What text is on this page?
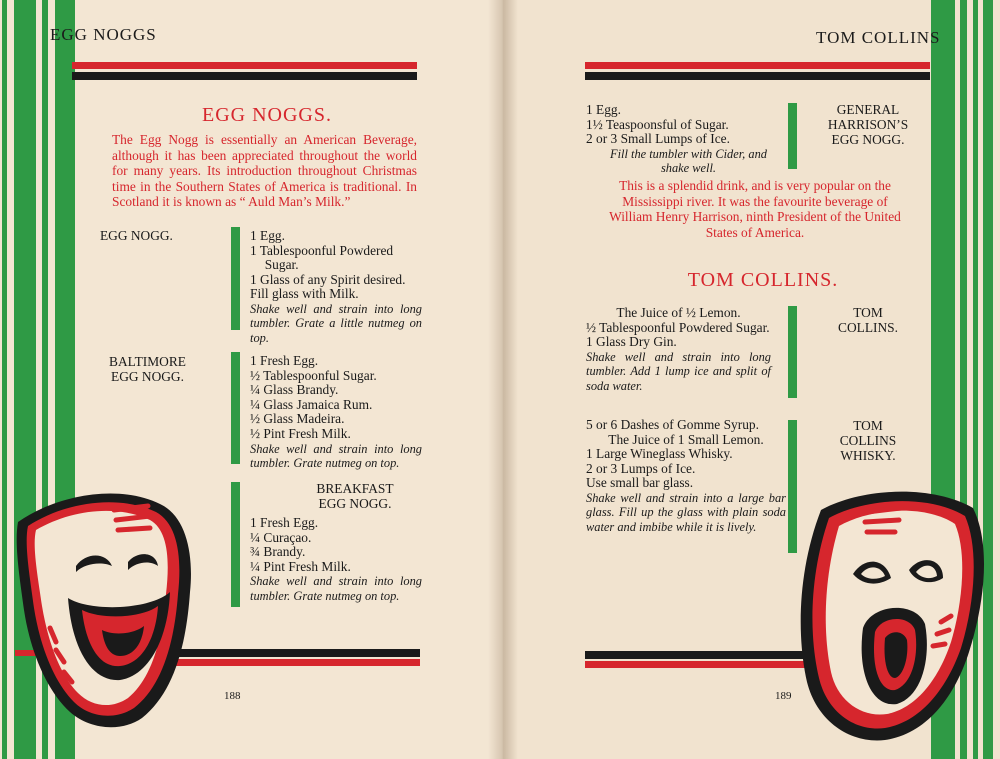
EGG NOGGS
EGG NOGGS.
The Egg Nogg is essentially an American Beverage, although it has been appreciated throughout the world for many years. Its introduction throughout Christmas time in the Southern States of America is traditional. In Scotland it is known as “ Auld Man’s Milk.”
EGG NOGG.	1 Egg.
1 Tablespoonful Powdered Sugar.
1 Glass of any Spirit desired.
Fill glass with Milk.
Shake well and strain into long tumbler. Grate a little nutmeg on top.
BALTIMORE
EGG NOGG.
1 Fresh Egg.
½ Tablespoonful Sugar.
¼ Glass Brandy.
¼ Glass Jamaica Rum.
½ Glass Madeira.
½ Pint Fresh Milk.
Shake well and strain into long tumbler. Grate nutmeg on top.
BREAKFAST
EGG NOGG.
1 Fresh Egg.
¼ Curaçao.
¾ Brandy.
¼ Pint Fresh Milk.
Shake well and strain into long tumbler. Grate nutmeg on top.
188
TOM COLLINS
1 Egg.
1½ Teaspoonsful of Sugar.
2 or 3 Small Lumps of Ice.
Fill the tumbler with Cider, and shake well.
GENERAL
HARRISON’S
EGG NOGG.
This is a splendid drink, and is very popular on the Mississippi river. It was the favourite beverage of William Henry Harrison, ninth President of the United States of America.
TOM COLLINS.
The Juice of ½ Lemon.
½ Tablespoonful Powdered Sugar.
1 Glass Dry Gin.
Shake well and strain into long tumbler. Add 1 lump ice and split of soda water.
TOM
COLLINS.
5 or 6 Dashes of Gomme Syrup.
The Juice of 1 Small Lemon.
1 Large Wineglass Whisky.
2 or 3 Lumps of Ice.
Use small bar glass.
Shake well and strain into a large bar glass. Fill up the glass with plain soda water and imbibe while it is lively.
TOM
COLLINS
WHISKY.
189
